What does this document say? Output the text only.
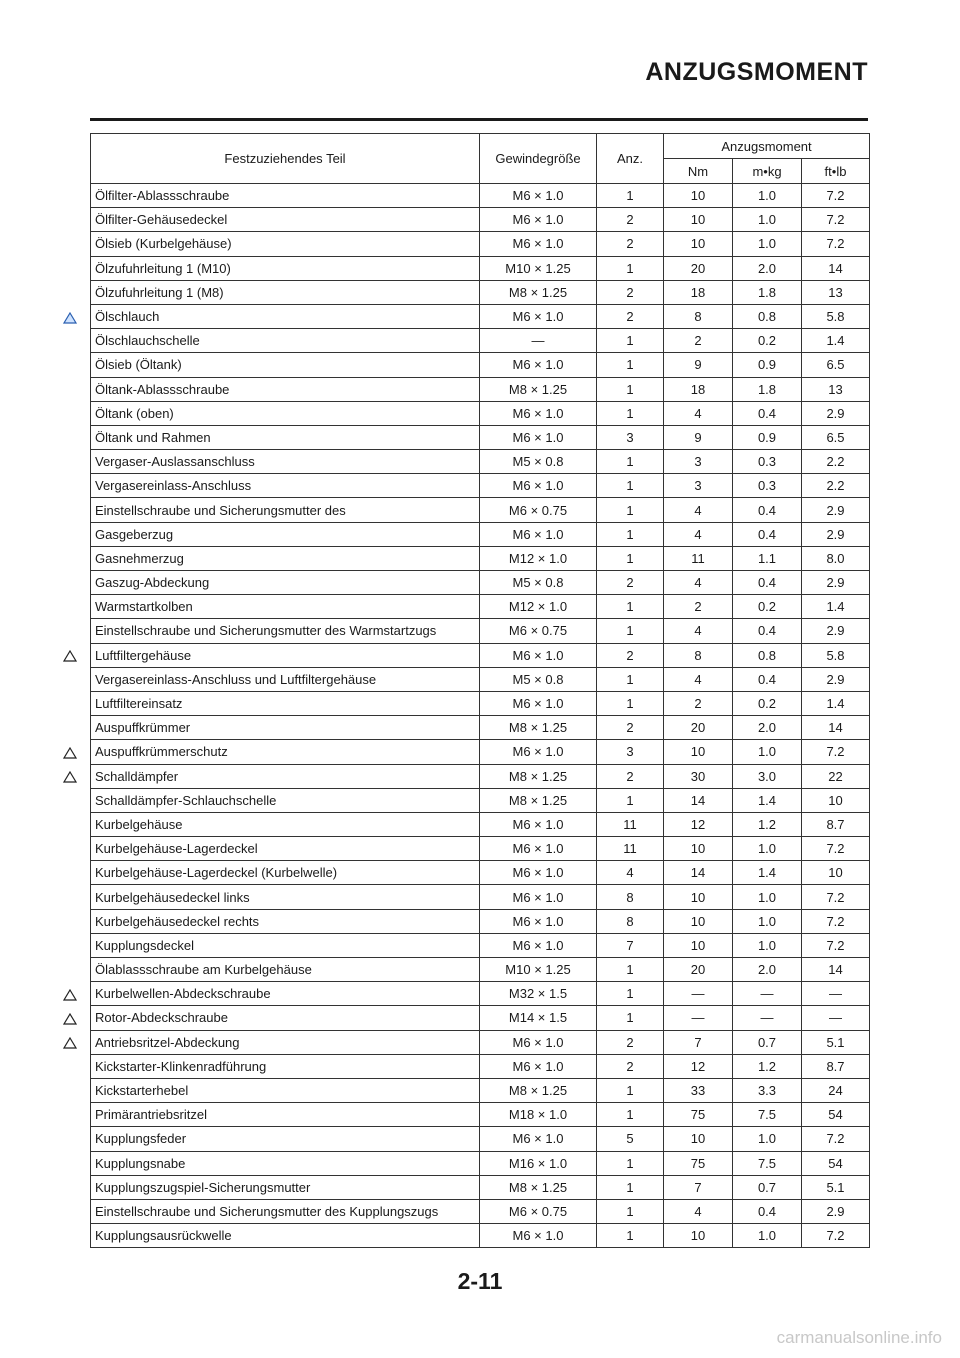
ANZUGSMOMENT
Festzuziehendes Teil	Gewindegröße	Anz.	Anzugsmoment		
			Nm	m•kg	ft•lb
Ölfilter-Ablassschraube	M6 × 1.0	1	10	1.0	7.2
Ölfilter-Gehäusedeckel	M6 × 1.0	2	10	1.0	7.2
Ölsieb (Kurbelgehäuse)	M6 × 1.0	2	10	1.0	7.2
Ölzufuhrleitung 1 (M10)	M10 × 1.25	1	20	2.0	14
Ölzufuhrleitung 1 (M8)	M8 × 1.25	2	18	1.8	13
Ölschlauch	M6 × 1.0	2	8	0.8	5.8
Ölschlauchschelle	—	1	2	0.2	1.4
Ölsieb (Öltank)	M6 × 1.0	1	9	0.9	6.5
Öltank-Ablassschraube	M8 × 1.25	1	18	1.8	13
Öltank (oben)	M6 × 1.0	1	4	0.4	2.9
Öltank und Rahmen	M6 × 1.0	3	9	0.9	6.5
Vergaser-Auslassanschluss	M5 × 0.8	1	3	0.3	2.2
Vergasereinlass-Anschluss	M6 × 1.0	1	3	0.3	2.2
Einstellschraube und Sicherungsmutter des	M6 × 0.75	1	4	0.4	2.9
Gasgeberzug	M6 × 1.0	1	4	0.4	2.9
Gasnehmerzug	M12 × 1.0	1	11	1.1	8.0
Gaszug-Abdeckung	M5 × 0.8	2	4	0.4	2.9
Warmstartkolben	M12 × 1.0	1	2	0.2	1.4
Einstellschraube und Sicherungsmutter des Warmstartzugs	M6 × 0.75	1	4	0.4	2.9
Luftfiltergehäuse	M6 × 1.0	2	8	0.8	5.8
Vergasereinlass-Anschluss und Luftfiltergehäuse	M5 × 0.8	1	4	0.4	2.9
Luftfiltereinsatz	M6 × 1.0	1	2	0.2	1.4
Auspuffkrümmer	M8 × 1.25	2	20	2.0	14
Auspuffkrümmerschutz	M6 × 1.0	3	10	1.0	7.2
Schalldämpfer	M8 × 1.25	2	30	3.0	22
Schalldämpfer-Schlauchschelle	M8 × 1.25	1	14	1.4	10
Kurbelgehäuse	M6 × 1.0	11	12	1.2	8.7
Kurbelgehäuse-Lagerdeckel	M6 × 1.0	11	10	1.0	7.2
Kurbelgehäuse-Lagerdeckel (Kurbelwelle)	M6 × 1.0	4	14	1.4	10
Kurbelgehäusedeckel links	M6 × 1.0	8	10	1.0	7.2
Kurbelgehäusedeckel rechts	M6 × 1.0	8	10	1.0	7.2
Kupplungsdeckel	M6 × 1.0	7	10	1.0	7.2
Ölablassschraube am Kurbelgehäuse	M10 × 1.25	1	20	2.0	14
Kurbelwellen-Abdeckschraube	M32 × 1.5	1	—	—	—
Rotor-Abdeckschraube	M14 × 1.5	1	—	—	—
Antriebsritzel-Abdeckung	M6 × 1.0	2	7	0.7	5.1
Kickstarter-Klinkenradführung	M6 × 1.0	2	12	1.2	8.7
Kickstarterhebel	M8 × 1.25	1	33	3.3	24
Primärantriebsritzel	M18 × 1.0	1	75	7.5	54
Kupplungsfeder	M6 × 1.0	5	10	1.0	7.2
Kupplungsnabe	M16 × 1.0	1	75	7.5	54
Kupplungszugspiel-Sicherungsmutter	M8 × 1.25	1	7	0.7	5.1
Einstellschraube und Sicherungsmutter des Kupplungszugs	M6 × 0.75	1	4	0.4	2.9
Kupplungsausrückwelle	M6 × 1.0	1	10	1.0	7.2
2-11
carmanualsonline.info
